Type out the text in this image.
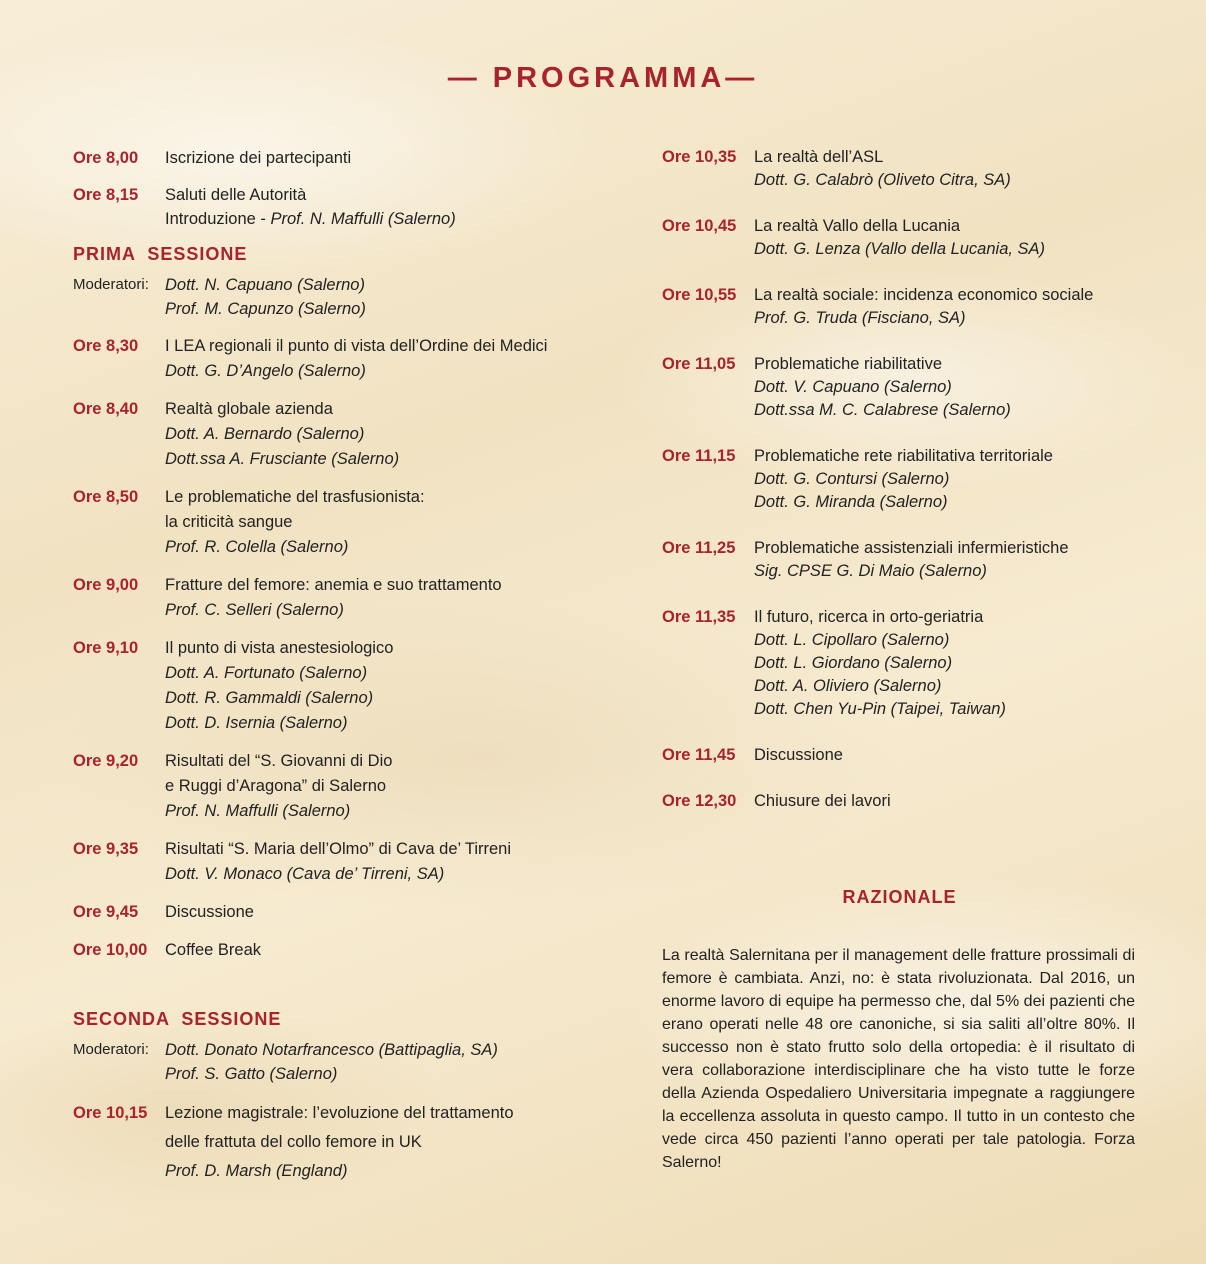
— PROGRAMMA—
Ore 8,00	Iscrizione dei partecipanti
Ore 8,15	Saluti delle Autorità
Introduzione - Prof. N. Maffulli (Salerno)
PRIMA SESSIONE
Moderatori: Dott. N. Capuano (Salerno)
Prof. M. Capunzo (Salerno)
Ore 8,30	I LEA regionali il punto di vista dell’Ordine dei Medici
Dott. G. D’Angelo (Salerno)
Ore 8,40	Realtà globale azienda
Dott. A. Bernardo (Salerno)
Dott.ssa A. Frusciante (Salerno)
Ore 8,50	Le problematiche del trasfusionista:
la criticità sangue
Prof. R. Colella (Salerno)
Ore 9,00	Fratture del femore: anemia e suo trattamento
Prof. C. Selleri (Salerno)
Ore 9,10	Il punto di vista anestesiologico
Dott. A. Fortunato (Salerno)
Dott. R. Gammaldi (Salerno)
Dott. D. Isernia (Salerno)
Ore 9,20	Risultati del “S. Giovanni di Dio
e Ruggi d’Aragona” di Salerno
Prof. N. Maffulli (Salerno)
Ore 9,35	Risultati “S. Maria dell’Olmo” di Cava de’ Tirreni
Dott. V. Monaco (Cava de’ Tirreni, SA)
Ore 9,45	Discussione
Ore 10,00	Coffee Break
SECONDA SESSIONE
Moderatori: Dott. Donato Notarfrancesco (Battipaglia, SA)
Prof. S. Gatto (Salerno)
Ore 10,15	Lezione magistrale: l’evoluzione del trattamento
delle frattuta del collo femore in UK
Prof. D. Marsh (England)
Ore 10,35	La realtà dell’ASL
Dott. G. Calabrò (Oliveto Citra, SA)
Ore 10,45	La realtà Vallo della Lucania
Dott. G. Lenza (Vallo della Lucania, SA)
Ore 10,55	La realtà sociale: incidenza economico sociale
Prof. G. Truda (Fisciano, SA)
Ore 11,05	Problematiche riabilitative
Dott. V. Capuano (Salerno)
Dott.ssa M. C. Calabrese (Salerno)
Ore 11,15	Problematiche rete riabilitativa territoriale
Dott. G. Contursi (Salerno)
Dott. G. Miranda (Salerno)
Ore 11,25	Problematiche assistenziali infermieristiche
Sig. CPSE G. Di Maio (Salerno)
Ore 11,35	Il futuro, ricerca in orto-geriatria
Dott. L. Cipollaro (Salerno)
Dott. L. Giordano (Salerno)
Dott. A. Oliviero (Salerno)
Dott. Chen Yu-Pin (Taipei, Taiwan)
Ore 11,45	Discussione
Ore 12,30	Chiusure dei lavori
RAZIONALE
La realtà Salernitana per il management delle fratture prossimali di femore è cambiata. Anzi, no: è stata rivoluzionata. Dal 2016, un enorme lavoro di equipe ha permesso che, dal 5% dei pazienti che erano operati nelle 48 ore canoniche, si sia saliti all’oltre 80%. Il successo non è stato frutto solo della ortopedia: è il risultato di vera collaborazione interdisciplinare che ha visto tutte le forze della Azienda Ospedaliero Universitaria impegnate a raggiungere la eccellenza assoluta in questo campo. Il tutto in un contesto che vede circa 450 pazienti l’anno operati per tale patologia. Forza Salerno!
